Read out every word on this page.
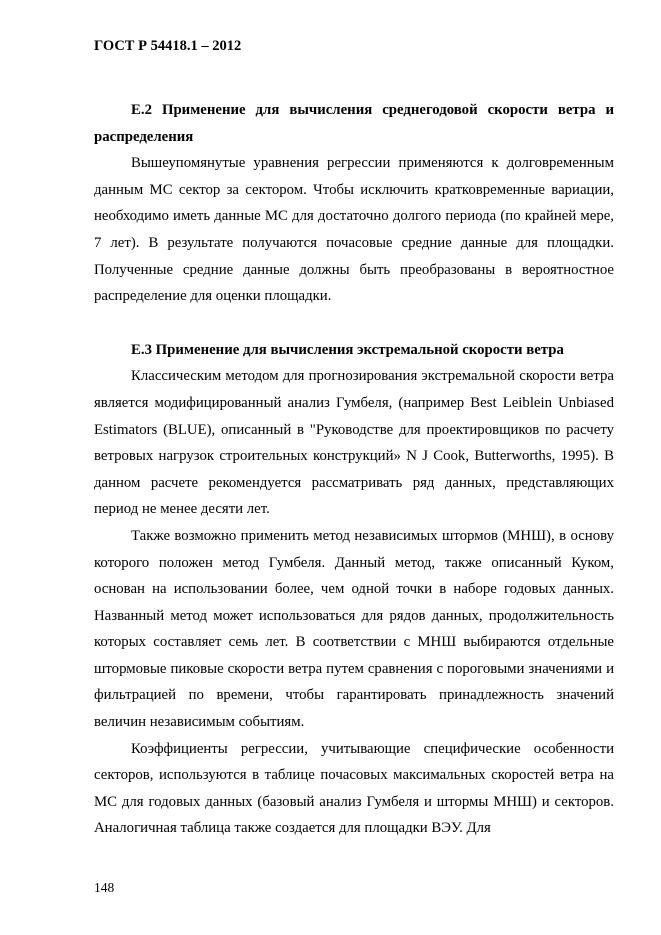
ГОСТ Р 54418.1 – 2012
Е.2 Применение для вычисления среднегодовой скорости ветра и распределения

Вышеупомянутые уравнения регрессии применяются к долговременным данным МС сектор за сектором. Чтобы исключить кратковременные вариации, необходимо иметь данные МС для достаточно долгого периода (по крайней мере, 7 лет). В результате получаются почасовые средние данные для площадки. Полученные средние данные должны быть преобразованы в вероятностное распределение для оценки площадки.

Е.3 Применение для вычисления экстремальной скорости ветра

Классическим методом для прогнозирования экстремальной скорости ветра является модифицированный анализ Гумбеля, (например Best Leiblein Unbiased Estimators (BLUE), описанный в "Руководстве для проектировщиков по расчету ветровых нагрузок строительных конструкций» N J Cook, Butterworths, 1995). В данном расчете рекомендуется рассматривать ряд данных, представляющих период не менее десяти лет.

Также возможно применить метод независимых штормов (МНШ), в основу которого положен метод Гумбеля. Данный метод, также описанный Куком, основан на использовании более, чем одной точки в наборе годовых данных. Названный метод может использоваться для рядов данных, продолжительность которых составляет семь лет. В соответствии с МНШ выбираются отдельные штормовые пиковые скорости ветра путем сравнения с пороговыми значениями и фильтрацией по времени, чтобы гарантировать принадлежность значений величин независимым событиям.

Коэффициенты регрессии, учитывающие специфические особенности секторов, используются в таблице почасовых максимальных скоростей ветра на МС для годовых данных (базовый анализ Гумбеля и штормы МНШ) и секторов. Аналогичная таблица также создается для площадки ВЭУ. Для

148
